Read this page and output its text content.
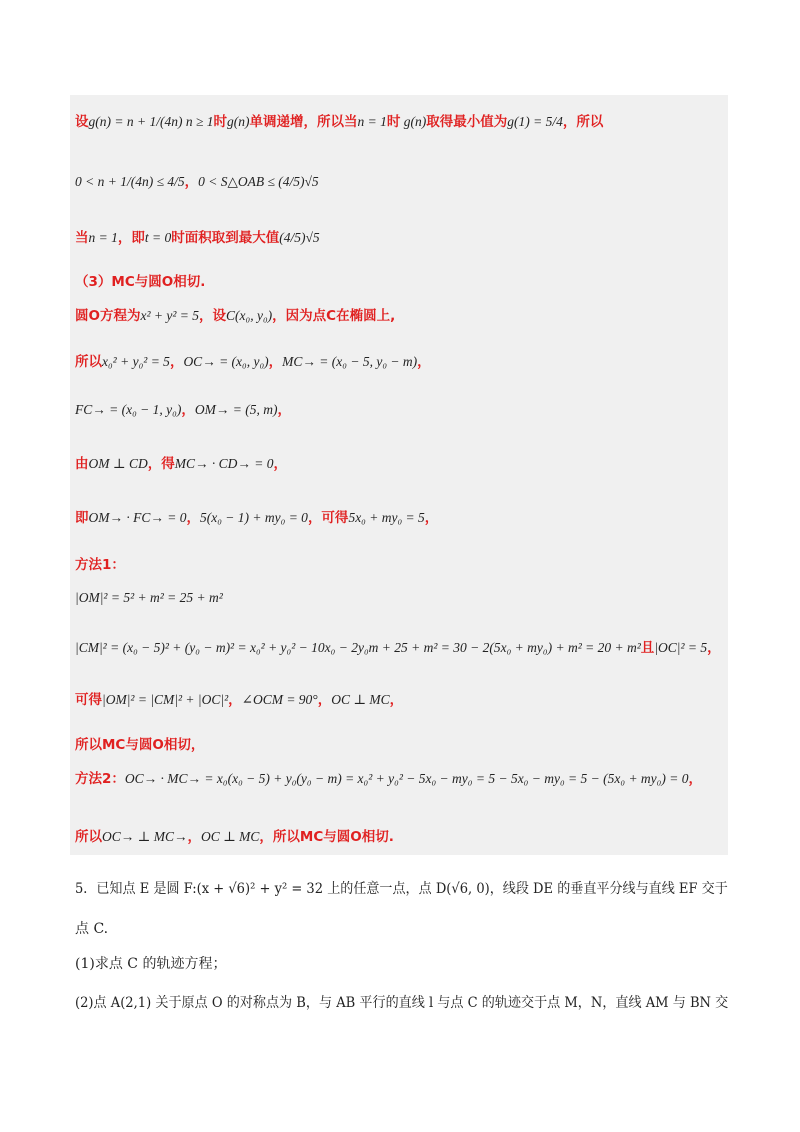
设g(n) = n + 1/(4n) n ≥ 1时g(n)单调递增，所以当n = 1时 g(n)取得最小值为g(1) = 5/4，所以
0 < n + 1/(4n) ≤ 4/5，0 < S△OAB ≤ (4/5)√5
当n = 1，即t = 0时面积取到最大值(4/5)√5
（3）MC与圆O相切.
圆O方程为x² + y² = 5，设C(x₀, y₀)，因为点C在椭圆上,
所以x₀² + y₀² = 5，OC→ = (x₀, y₀)，MC→ = (x₀ − 5, y₀ − m)，
FC→ = (x₀ − 1, y₀)，OM→ = (5, m)，
由OM ⊥ CD，得MC→ · CD→ = 0，
即OM→ · FC→ = 0，5(x₀ − 1) + my₀ = 0，可得5x₀ + my₀ = 5，
方法1：
|OM|² = 5² + m² = 25 + m²
|CM|² = (x₀ − 5)² + (y₀ − m)² = x₀² + y₀² − 10x₀ − 2y₀m + 25 + m² = 30 − 2(5x₀ + my₀) + m² = 20 + m²且|OC|² = 5，
可得|OM|² = |CM|² + |OC|²，∠OCM = 90°，OC ⊥ MC，
所以MC与圆O相切，
方法2：OC→ · MC→ = x₀(x₀ − 5) + y₀(y₀ − m) = x₀² + y₀² − 5x₀ − my₀ = 5 − 5x₀ − my₀ = 5 − (5x₀ + my₀) = 0，
所以OC→ ⊥ MC→，OC ⊥ MC，所以MC与圆O相切.
5．已知点 E 是圆 F:(x + √6)² + y² = 32 上的任意一点，点 D(√6, 0)，线段 DE 的垂直平分线与直线 EF 交于
点 C.
(1)求点 C 的轨迹方程；
(2)点 A(2,1) 关于原点 O 的对称点为 B，与 AB 平行的直线 l 与点 C 的轨迹交于点 M，N，直线 AM 与 BN 交
